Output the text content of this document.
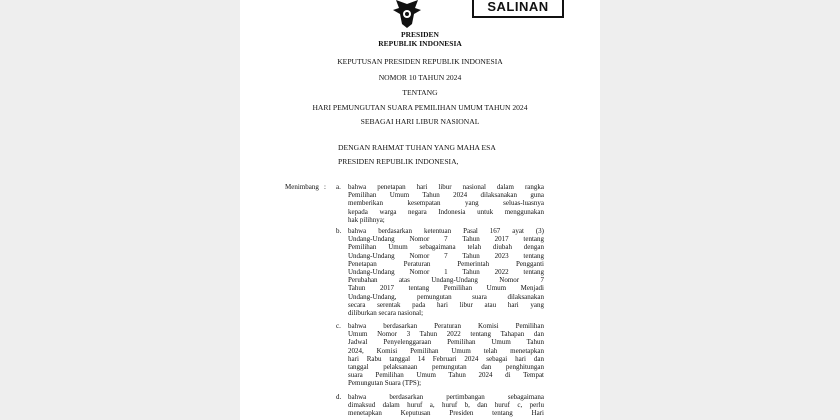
SALINAN
PRESIDEN
REPUBLIK INDONESIA
KEPUTUSAN PRESIDEN REPUBLIK INDONESIA
NOMOR 10 TAHUN 2024
TENTANG
HARI PEMUNGUTAN SUARA PEMILIHAN UMUM TAHUN 2024
SEBAGAI HARI LIBUR NASIONAL
DENGAN RAHMAT TUHAN YANG MAHA ESA
PRESIDEN REPUBLIK INDONESIA,
Menimbang : a. bahwa penetapan hari libur nasional dalam rangka
Pemilihan Umum Tahun 2024 dilaksanakan guna
memberikan kesempatan yang seluas-luasnya
kepada warga negara Indonesia untuk menggunakan
hak pilihnya;
b. bahwa berdasarkan ketentuan Pasal 167 ayat (3)
Undang-Undang Nomor 7 Tahun 2017 tentang
Pemilihan Umum sebagaimana telah diubah dengan
Undang-Undang Nomor 7 Tahun 2023 tentang
Penetapan Peraturan Pemerintah Pengganti
Undang-Undang Nomor 1 Tahun 2022 tentang
Perubahan atas Undang-Undang Nomor 7
Tahun 2017 tentang Pemilihan Umum Menjadi
Undang-Undang, pemungutan suara dilaksanakan
secara serentak pada hari libur atau hari yang
diliburkan secara nasional;
c. bahwa berdasarkan Peraturan Komisi Pemilihan
Umum Nomor 3 Tahun 2022 tentang Tahapan dan
Jadwal Penyelenggaraan Pemilihan Umum Tahun
2024, Komisi Pemilihan Umum telah menetapkan
hari Rabu tanggal 14 Februari 2024 sebagai hari dan
tanggal pelaksanaan pemungutan dan penghitungan
suara Pemilihan Umum Tahun 2024 di Tempat
Pemungutan Suara (TPS);
d. bahwa berdasarkan pertimbangan sebagaimana
dimaksud dalam huruf a, huruf b, dan huruf c, perlu
menetapkan Keputusan Presiden tentang Hari
